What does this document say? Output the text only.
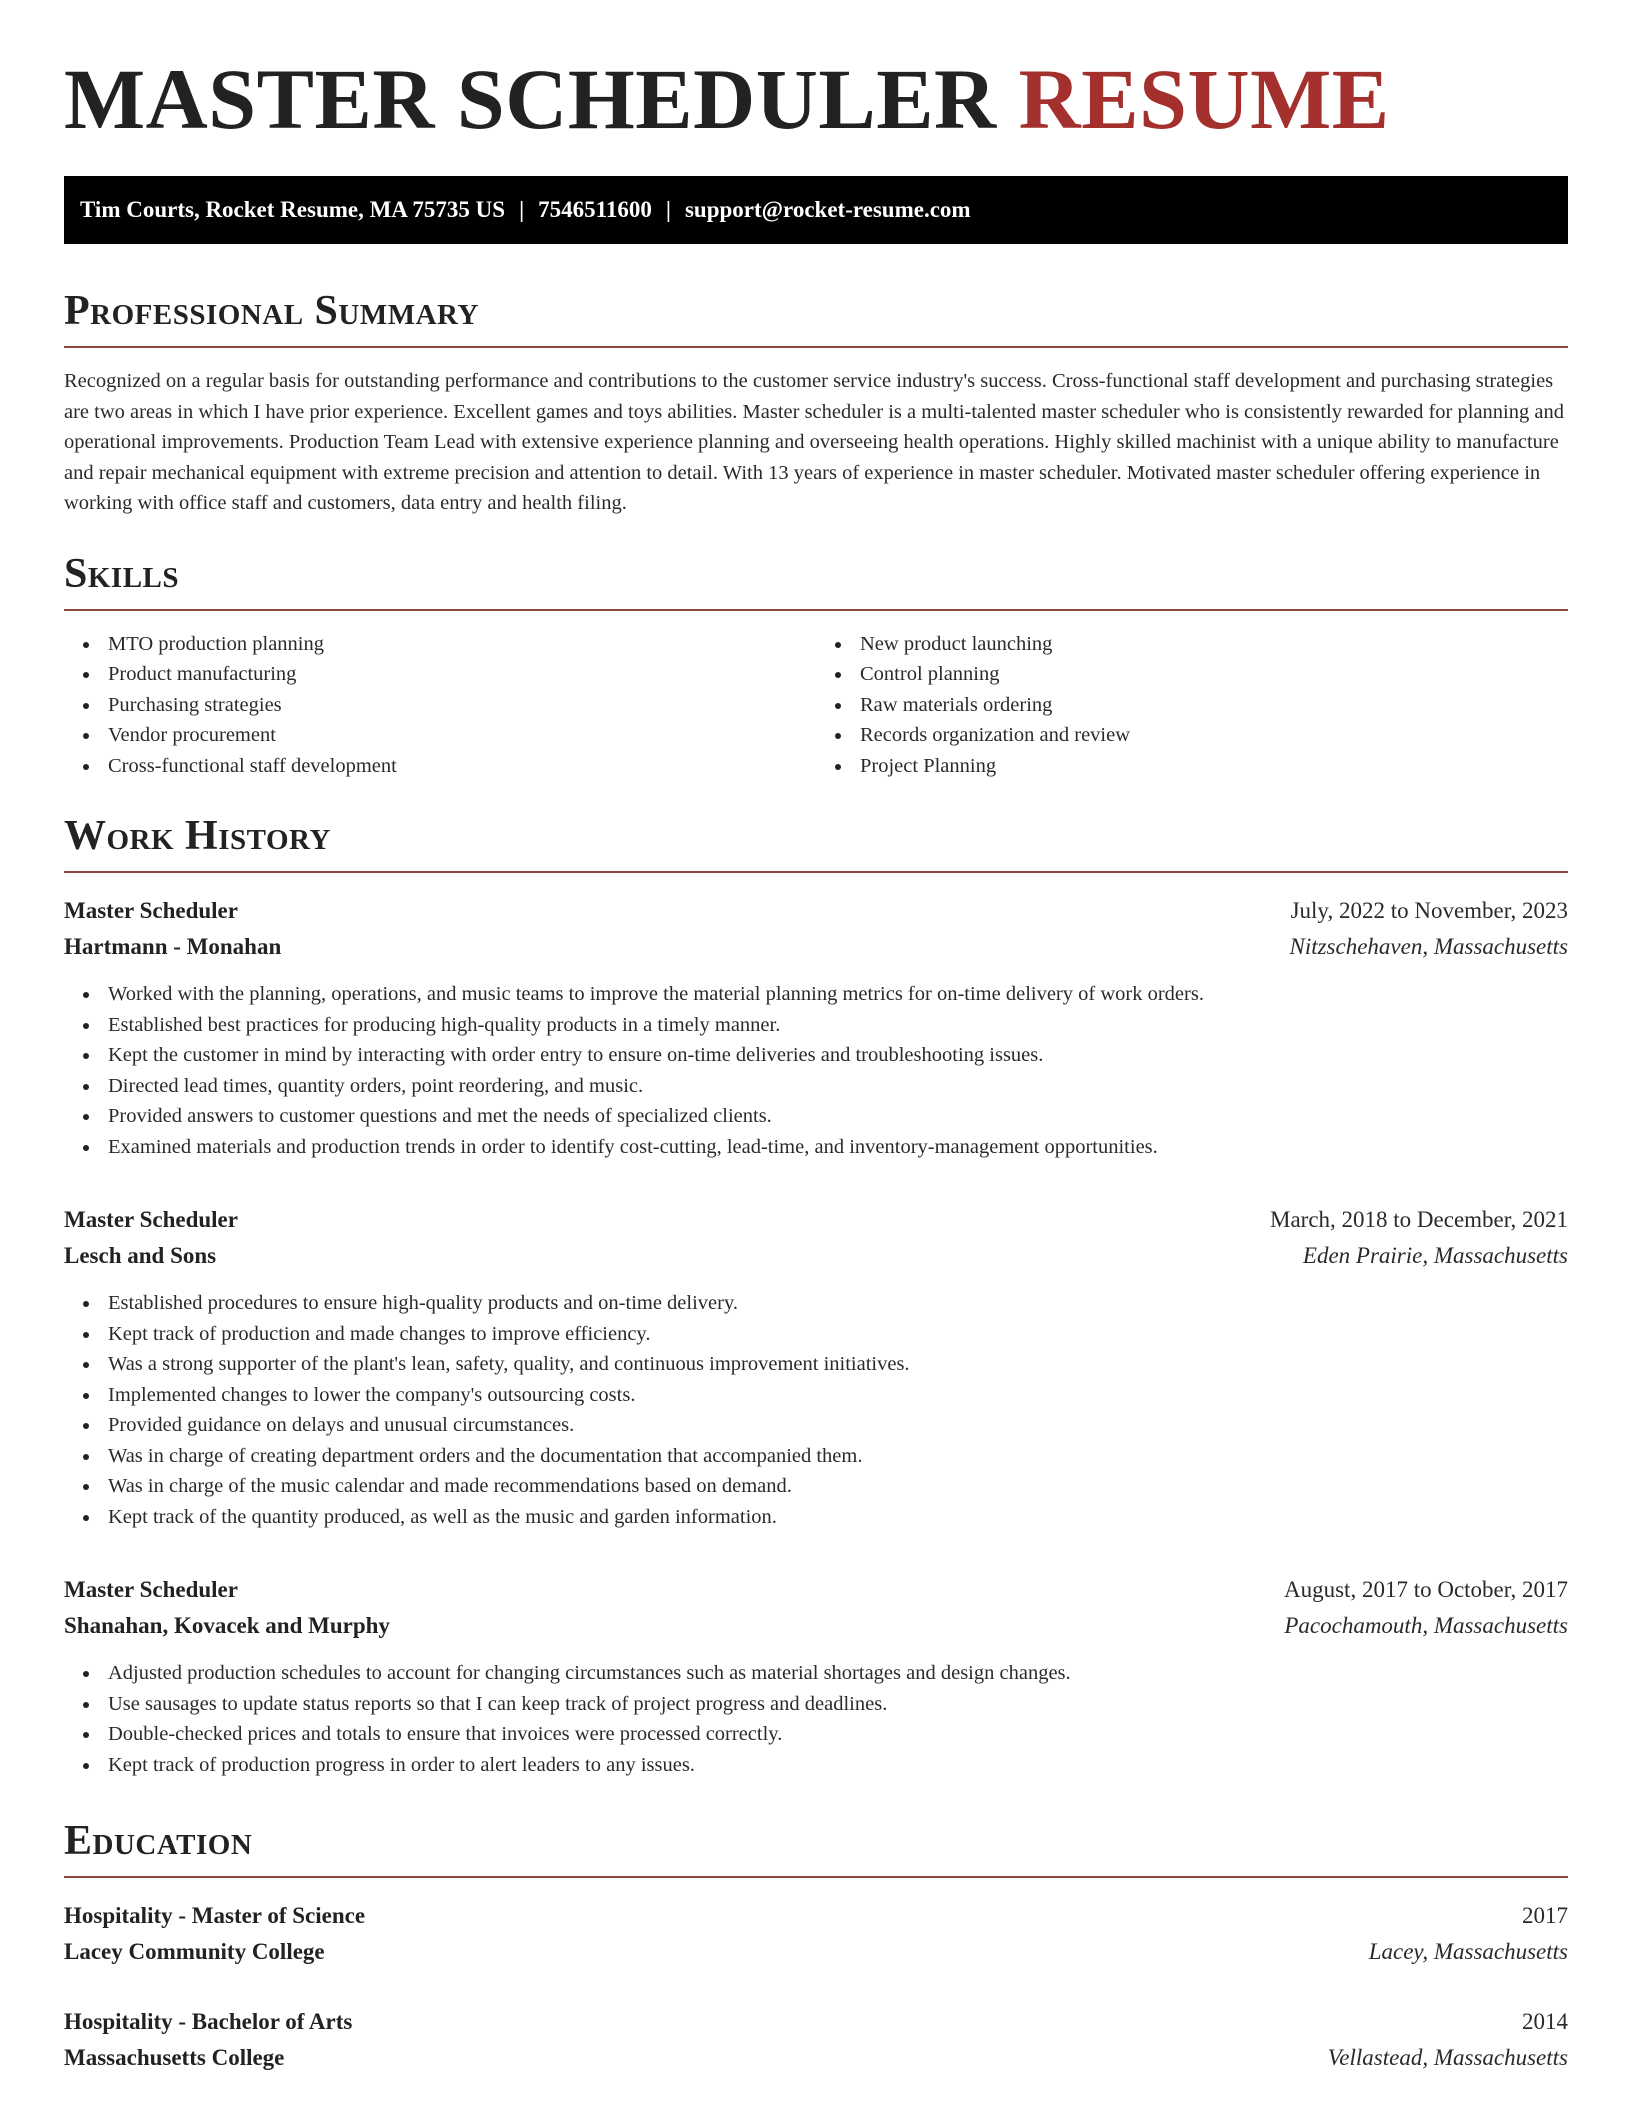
MASTER SCHEDULER RESUME
Tim Courts, Rocket Resume, MA 75735 US | 7546511600 | support@rocket-resume.com
Professional Summary

Recognized on a regular basis for outstanding performance and contributions to the customer service industry's success. Cross-functional staff development and purchasing strategies are two areas in which I have prior experience. Excellent games and toys abilities. Master scheduler is a multi-talented master scheduler who is consistently rewarded for planning and operational improvements. Production Team Lead with extensive experience planning and overseeing health operations. Highly skilled machinist with a unique ability to manufacture and repair mechanical equipment with extreme precision and attention to detail. With 13 years of experience in master scheduler. Motivated master scheduler offering experience in working with office staff and customers, data entry and health filing.

Skills
MTO production planning
Product manufacturing
Purchasing strategies
Vendor procurement
Cross-functional staff development
New product launching
Control planning
Raw materials ordering
Records organization and review
Project Planning
Work History
Master Scheduler	July, 2022 to November, 2023
Hartmann - Monahan	Nitzschehaven, Massachusetts
Worked with the planning, operations, and music teams to improve the material planning metrics for on-time delivery of work orders.
Established best practices for producing high-quality products in a timely manner.
Kept the customer in mind by interacting with order entry to ensure on-time deliveries and troubleshooting issues.
Directed lead times, quantity orders, point reordering, and music.
Provided answers to customer questions and met the needs of specialized clients.
Examined materials and production trends in order to identify cost-cutting, lead-time, and inventory-management opportunities.
Master Scheduler	March, 2018 to December, 2021
Lesch and Sons	Eden Prairie, Massachusetts
Established procedures to ensure high-quality products and on-time delivery.
Kept track of production and made changes to improve efficiency.
Was a strong supporter of the plant's lean, safety, quality, and continuous improvement initiatives.
Implemented changes to lower the company's outsourcing costs.
Provided guidance on delays and unusual circumstances.
Was in charge of creating department orders and the documentation that accompanied them.
Was in charge of the music calendar and made recommendations based on demand.
Kept track of the quantity produced, as well as the music and garden information.
Master Scheduler	August, 2017 to October, 2017
Shanahan, Kovacek and Murphy	Pacochamouth, Massachusetts
Adjusted production schedules to account for changing circumstances such as material shortages and design changes.
Use sausages to update status reports so that I can keep track of project progress and deadlines.
Double-checked prices and totals to ensure that invoices were processed correctly.
Kept track of production progress in order to alert leaders to any issues.
Education
Hospitality - Master of Science	2017
Lacey Community College	Lacey, Massachusetts
Hospitality - Bachelor of Arts	2014
Massachusetts College	Vellastead, Massachusetts
